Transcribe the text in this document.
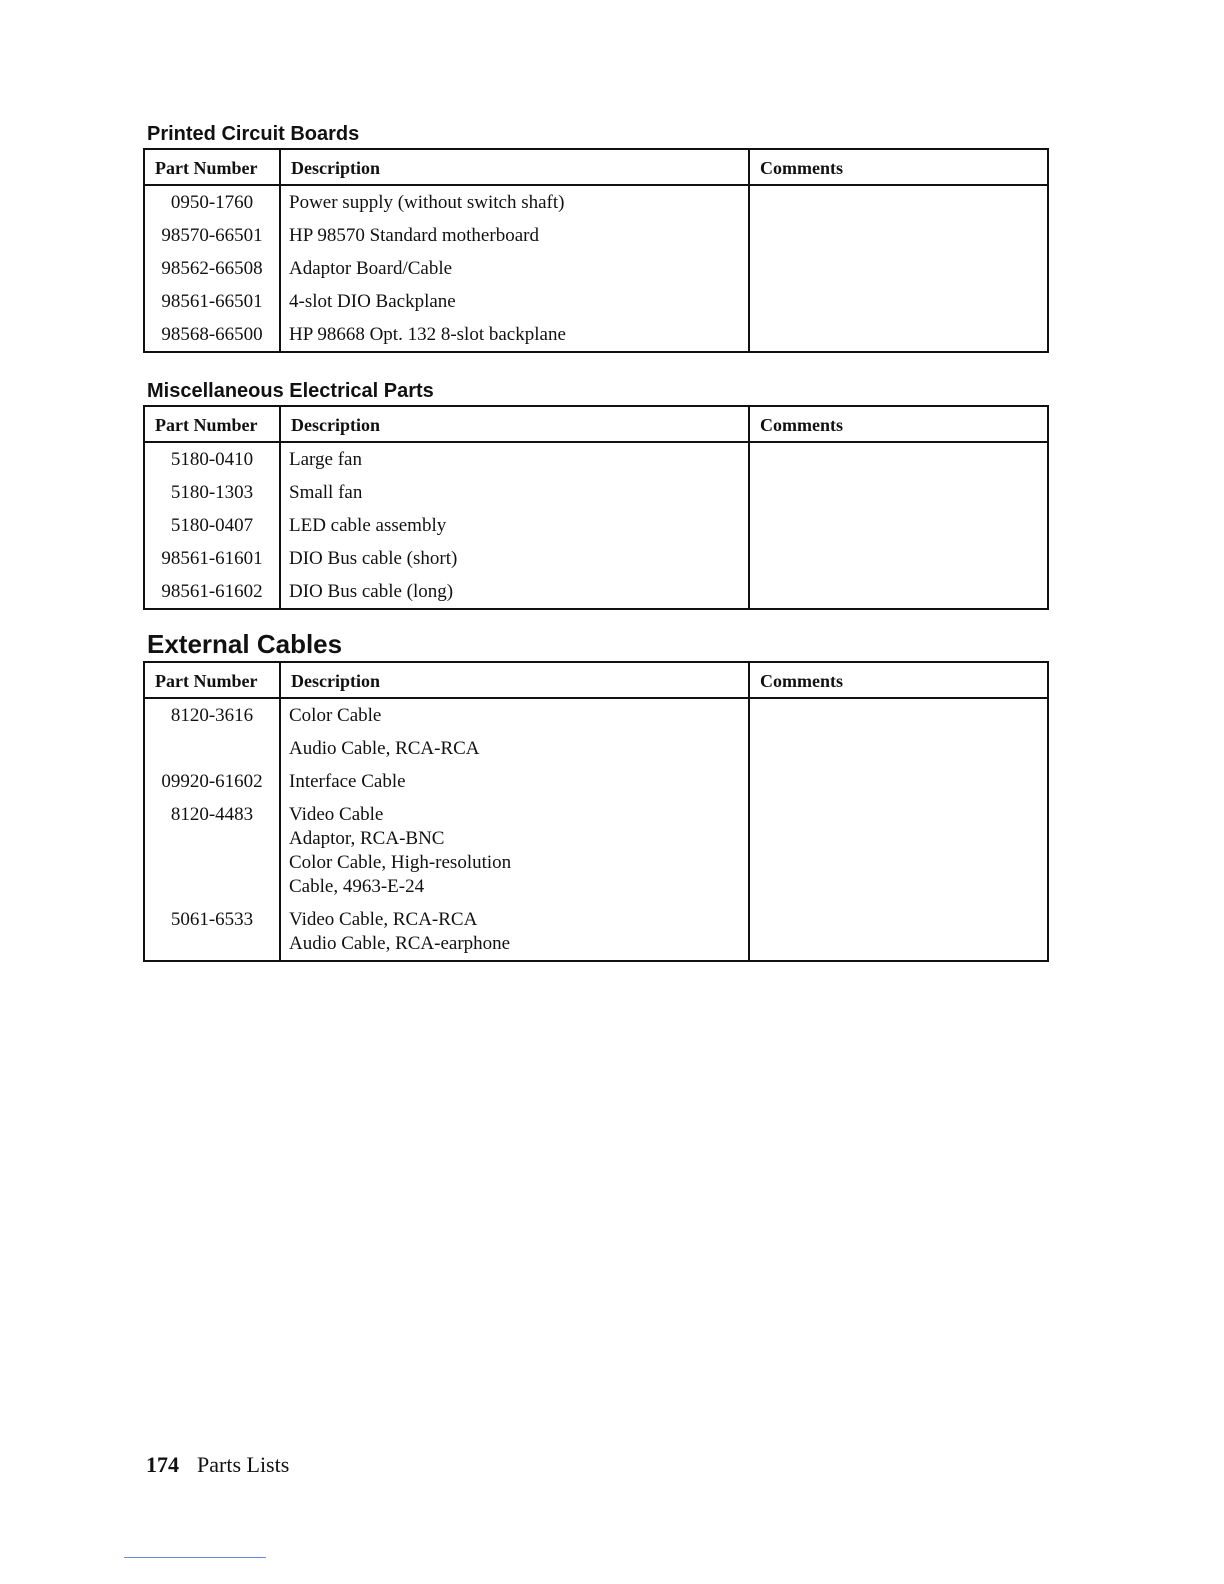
Printed Circuit Boards
Part Number	Description	Comments
0950-1760	Power supply (without switch shaft)	

98570-66501	HP 98570 Standard motherboard	

98562-66508	Adaptor Board/Cable	

98561-66501	4-slot DIO Backplane	

98568-66500	HP 98668 Opt. 132 8-slot backplane	

Miscellaneous Electrical Parts
Part Number	Description	Comments
5180-0410	Large fan	

5180-1303	Small fan	

5180-0407	LED cable assembly	

98561-61601	DIO Bus cable (short)	

98561-61602	DIO Bus cable (long)	

External Cables
Part Number	Description	Comments
8120-3616	Color Cable	

	Audio Cable, RCA-RCA	

09920-61602	Interface Cable	

8120-4483	Video Cable
Adaptor, RCA-BNC
Color Cable, High-resolution
Cable, 4963-E-24	

5061-6533	Video Cable, RCA-RCA
Audio Cable, RCA-earphone	

174 Parts Lists
